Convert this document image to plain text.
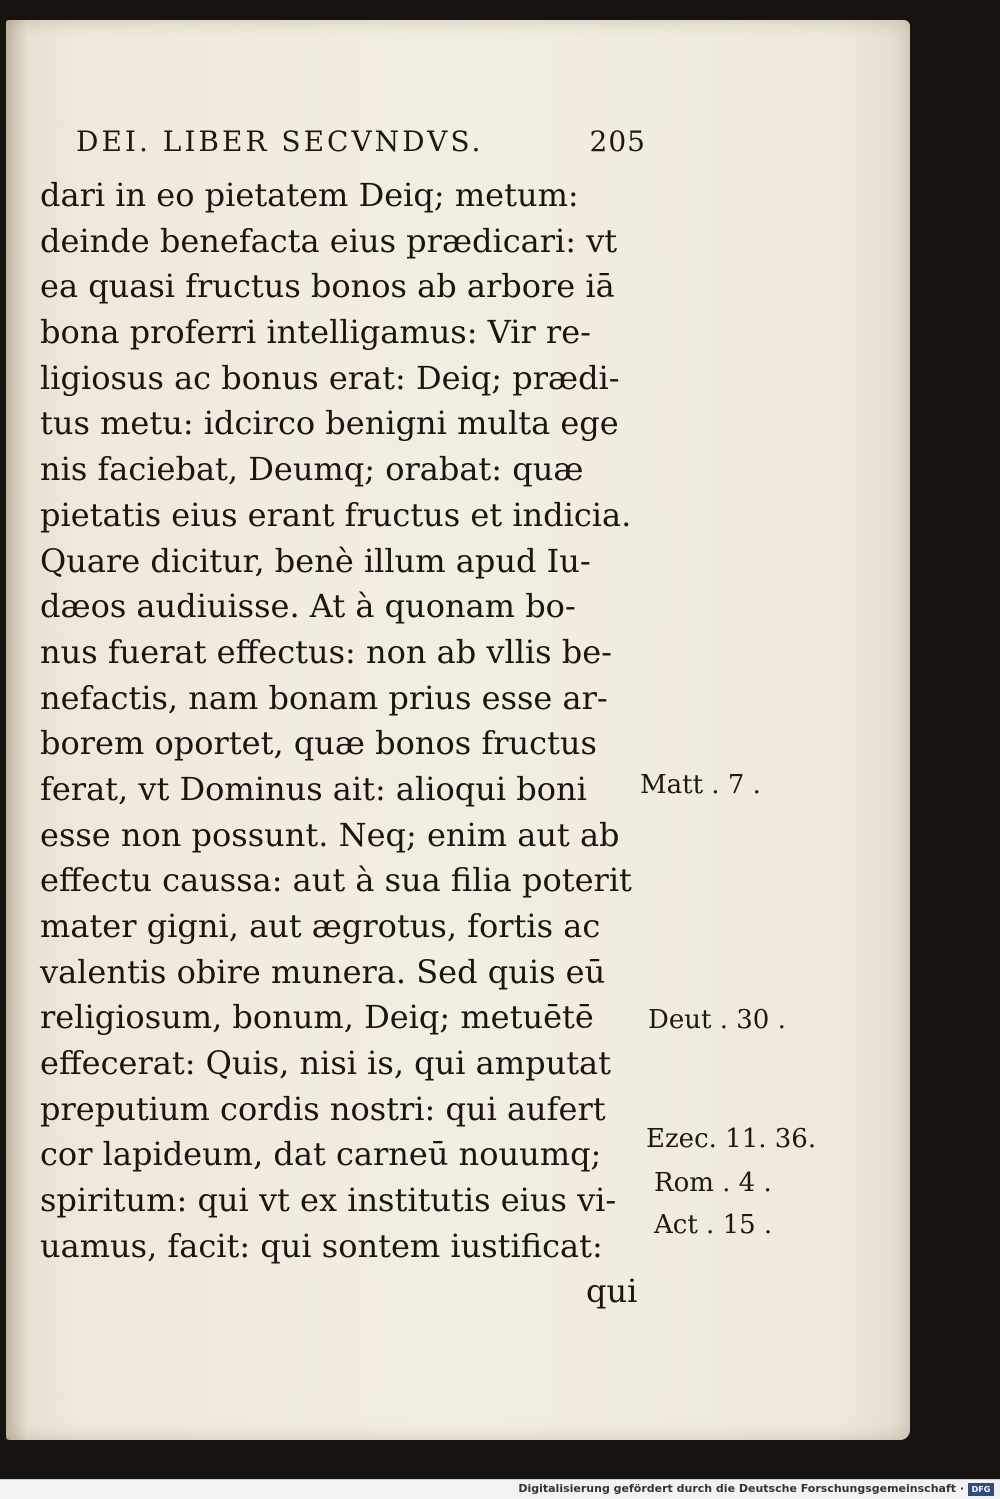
DEI. LIBER SECVNDVS.	205
dari in eo pietatem Deiq; metum:
deinde benefacta eius prædicari: vt
ea quasi fructus bonos ab arbore iā
bona proferri intelligamus: Vir re-
ligiosus ac bonus erat: Deiq; prædi-
tus metu: idcirco benigni multa ege
nis faciebat, Deumq; orabat: quæ
pietatis eius erant fructus et indicia.
Quare dicitur, benè illum apud Iu-
dæos audiuisse. At à quonam bo-
nus fuerat effectus: non ab vllis be-
nefactis, nam bonam prius esse ar-
borem oportet, quæ bonos fructus
ferat, vt Dominus ait: alioqui boni
esse non possunt. Neq; enim aut ab
effectu caussa: aut à sua filia poterit
mater gigni, aut ægrotus, fortis ac
valentis obire munera. Sed quis eū
religiosum, bonum, Deiq; metuētē
effecerat: Quis, nisi is, qui amputat
preputium cordis nostri: qui aufert
cor lapideum, dat carneū nouumq;
spiritum: qui vt ex institutis eius vi-
uamus, facit: qui sontem iustificat:
qui
Matt . 7 .
Deut . 30 .
Ezec. 11. 36.
Rom . 4 .
Act . 15 .
Digitalisierung gefördert durch die Deutsche Forschungsgemeinschaft · DFG
